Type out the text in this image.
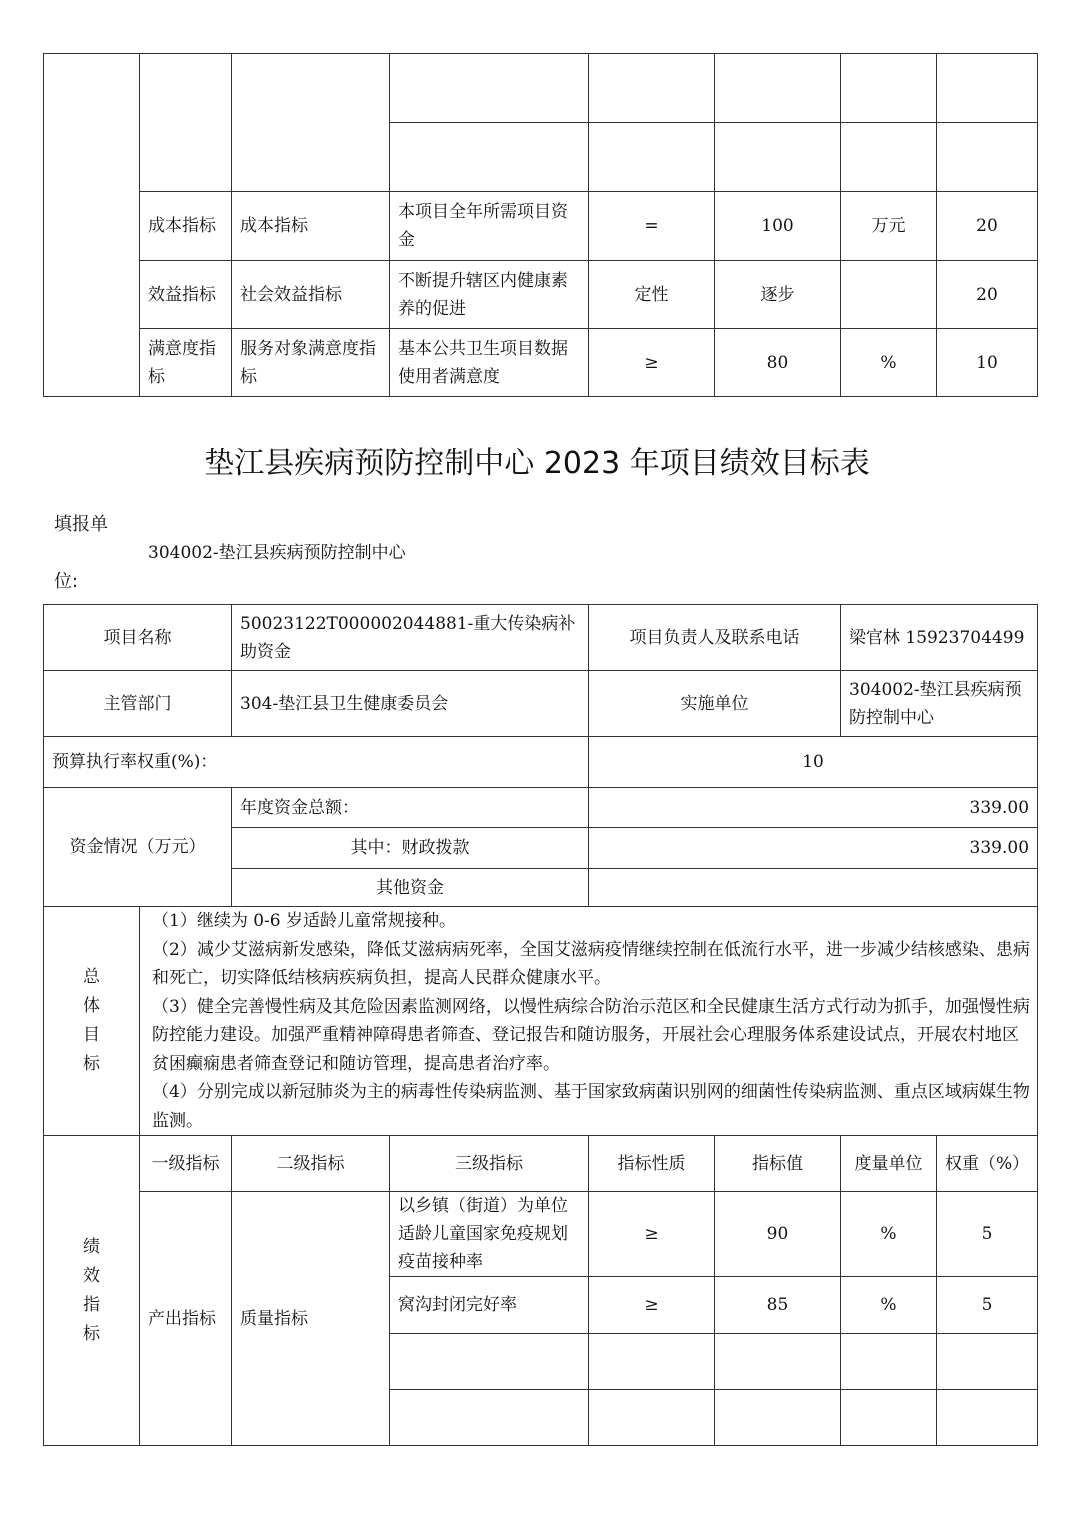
	成本指标	成本指标	本项目全年所需项目资金	=	100	万元	20
	效益指标	社会效益指标	不断提升辖区内健康素养的促进	定性	逐步		20
	满意度指标	服务对象满意度指标	基本公共卫生项目数据使用者满意度	≥	80	%	10
垫江县疾病预防控制中心 2023 年项目绩效目标表
填报单
位:
304002-垫江县疾病预防控制中心
项目名称		50023122T000002044881-重大传染病补助资金		项目负责人及联系电话		梁官林 15923704499	
主管部门		304-垫江县卫生健康委员会		实施单位		304002-垫江县疾病预防控制中心	
预算执行率权重(%)：				10			
资金情况（万元）		年度资金总额：		339.00			
		其中：财政拨款		339.00			
		其他资金					

总体目标	（1）继续为 0-6 岁适龄儿童常规接种。

（2）减少艾滋病新发感染，降低艾滋病病死率，全国艾滋病疫情继续控制在低流行水平，进一步减少结核感染、患病和死亡，切实降低结核病疾病负担，提高人民群众健康水平。

（3）健全完善慢性病及其危险因素监测网络，以慢性病综合防治示范区和全民健康生活方式行动为抓手，加强慢性病防控能力建设。加强严重精神障碍患者筛查、登记报告和随访服务，开展社会心理服务体系建设试点，开展农村地区贫困癫痫患者筛查登记和随访管理，提高患者治疗率。

（4）分别完成以新冠肺炎为主的病毒性传染病监测、基于国家致病菌识别网的细菌性传染病监测、重点区域病媒生物监测。						

绩效指标	一级指标	二级指标	三级指标	指标性质	指标值	度量单位	权重（%）
	产出指标	质量指标	以乡镇（街道）为单位适龄儿童国家免疫规划疫苗接种率	≥	90	%	5
			窝沟封闭完好率	≥	85	%	5
